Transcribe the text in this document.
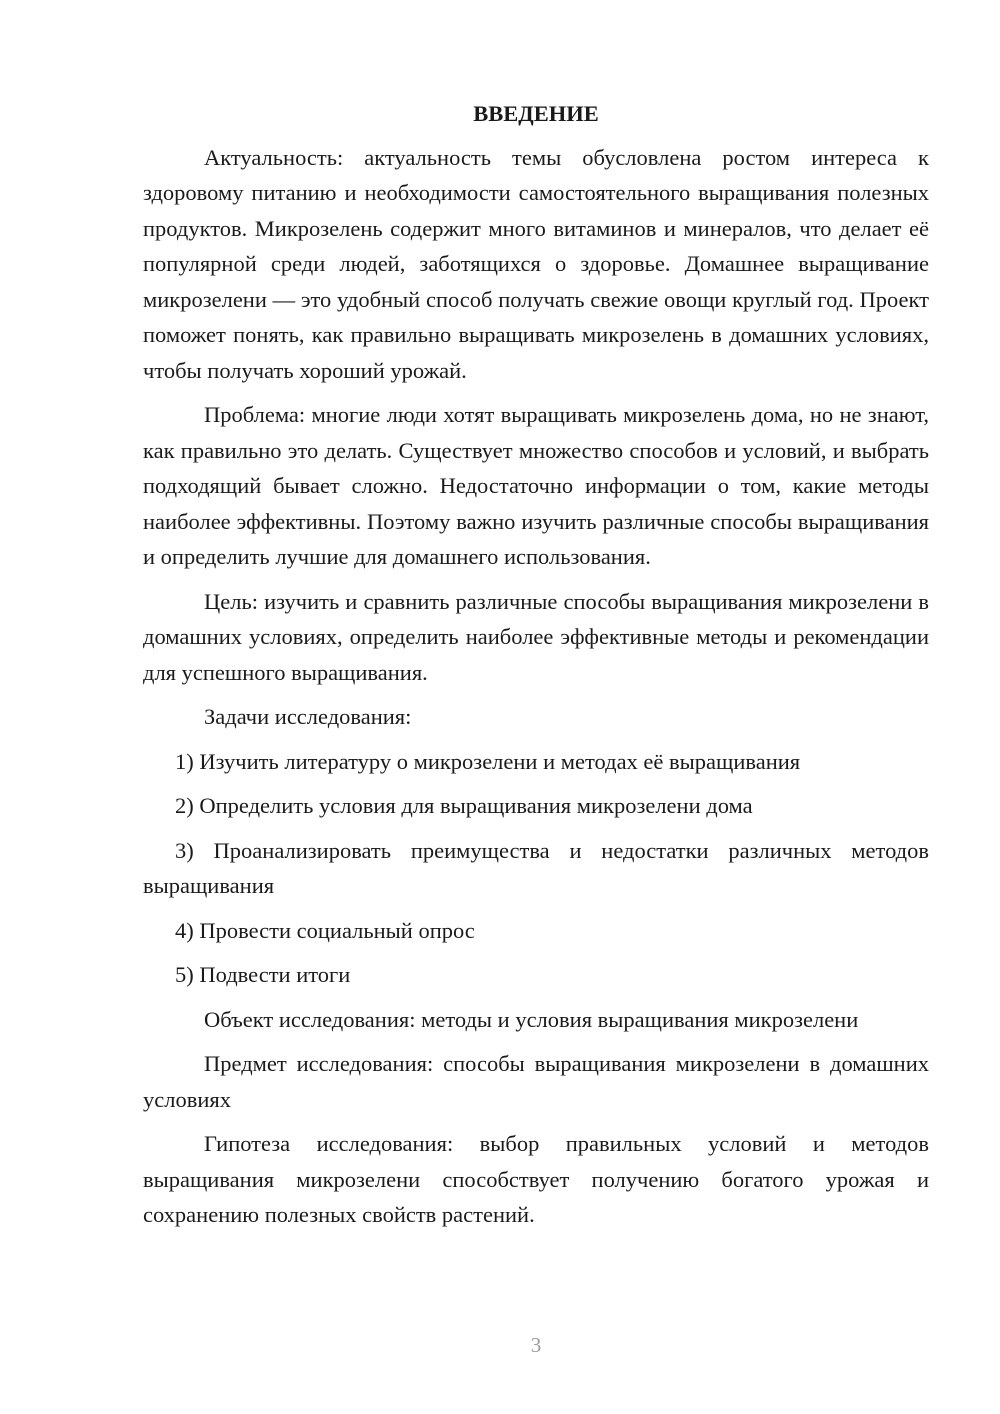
ВВЕДЕНИЕ

Актуальность: актуальность темы обусловлена ростом интереса к здоровому питанию и необходимости самостоятельного выращивания полезных продуктов. Микрозелень содержит много витаминов и минералов, что делает её популярной среди людей, заботящихся о здоровье. Домашнее выращивание микрозелени — это удобный способ получать свежие овощи круглый год. Проект поможет понять, как правильно выращивать микрозелень в домашних условиях, чтобы получать хороший урожай.

Проблема: многие люди хотят выращивать микрозелень дома, но не знают, как правильно это делать. Существует множество способов и условий, и выбрать подходящий бывает сложно. Недостаточно информации о том, какие методы наиболее эффективны. Поэтому важно изучить различные способы выращивания и определить лучшие для домашнего использования.

Цель: изучить и сравнить различные способы выращивания микрозелени в домашних условиях, определить наиболее эффективные методы и рекомендации для успешного выращивания.

Задачи исследования:

1) Изучить литературу о микрозелени и методах её выращивания

2) Определить условия для выращивания микрозелени дома

3) Проанализировать преимущества и недостатки различных методов выращивания

4) Провести социальный опрос

5) Подвести итоги

Объект исследования: методы и условия выращивания микрозелени

Предмет исследования: способы выращивания микрозелени в домашних условиях

Гипотеза исследования: выбор правильных условий и методов выращивания микрозелени способствует получению богатого урожая и сохранению полезных свойств растений.

3
